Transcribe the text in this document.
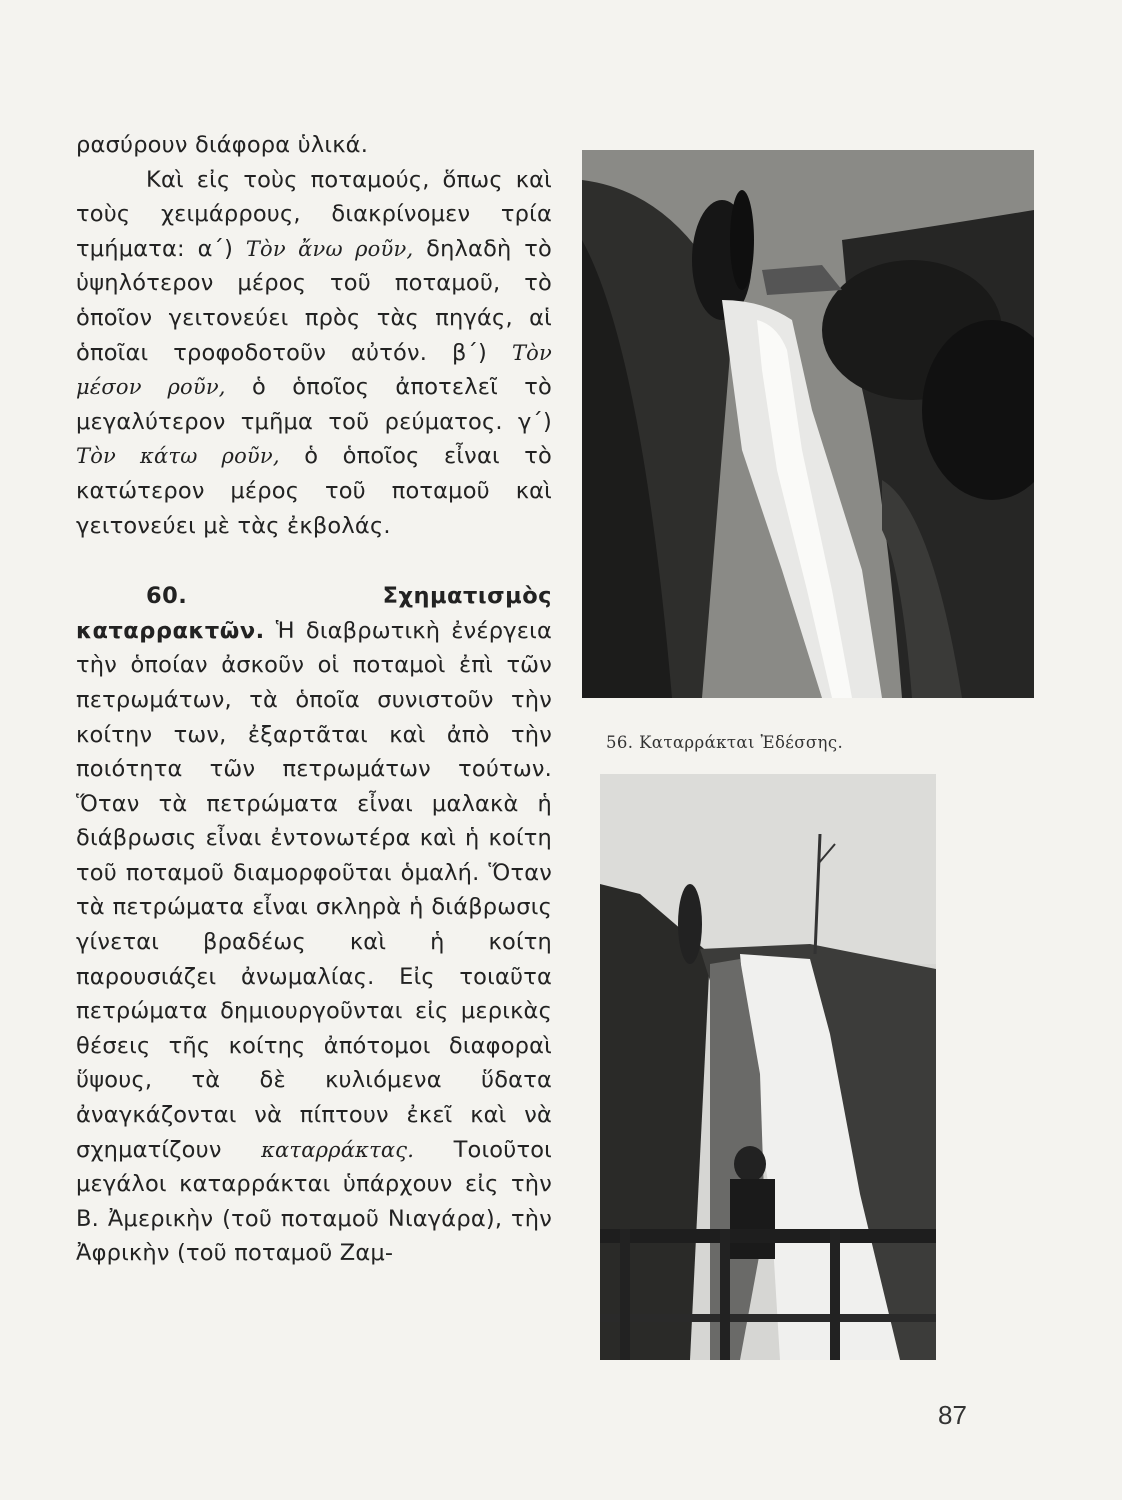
ρασύρουν διάφορα ὑλικά.

Καὶ εἰς τοὺς ποταμούς, ὅπως καὶ τοὺς χειμάρρους, διακρίνομεν τρία τμήματα: α΄) Τὸν ἄνω ροῦν, δηλαδὴ τὸ ὑψηλότερον μέρος τοῦ ποταμοῦ, τὸ ὁποῖον γειτονεύει πρὸς τὰς πηγάς, αἱ ὁποῖαι τροφοδοτοῦν αὐτόν. β΄) Τὸν μέσον ροῦν, ὁ ὁποῖος ἀποτελεῖ τὸ μεγαλύτερον τμῆμα τοῦ ρεύματος. γ΄) Τὸν κάτω ροῦν, ὁ ὁποῖος εἶναι τὸ κατώτερον μέρος τοῦ ποταμοῦ καὶ γειτονεύει μὲ τὰς ἐκβολάς.

60.	Σχηματισμὸς καταρρακτῶν. Ἡ διαβρωτικὴ ἐνέργεια τὴν ὁποίαν ἀσκοῦν οἱ ποταμοὶ ἐπὶ τῶν πετρωμάτων, τὰ ὁποῖα συνιστοῦν τὴν κοίτην των, ἐξαρτᾶται καὶ ἀπὸ τὴν ποιότητα τῶν πετρωμάτων τούτων. Ὅταν τὰ πετρώματα εἶναι μαλακὰ ἡ διάβρωσις εἶναι ἐντονωτέρα καὶ ἡ κοίτη τοῦ ποταμοῦ διαμορφοῦται ὁμαλή. Ὅταν τὰ πετρώματα εἶναι σκληρὰ ἡ διάβρωσις γίνεται βραδέως καὶ ἡ κοίτη παρουσιάζει ἀνωμαλίας. Εἰς τοιαῦτα πετρώματα δημιουργοῦνται εἰς μερικὰς θέσεις τῆς κοίτης ἀπότομοι διαφοραὶ ὕψους, τὰ δὲ κυλιόμενα ὕδατα ἀναγκάζονται νὰ πίπτουν ἐκεῖ καὶ νὰ σχηματίζουν καταρράκτας. Τοιοῦτοι μεγάλοι καταρράκται ὑπάρχουν εἰς τὴν Β. Ἀμερικὴν (τοῦ ποταμοῦ Νιαγάρα), τὴν Ἀφρικὴν (τοῦ ποταμοῦ Ζαμ-

56. Καταρράκται Ἐδέσσης.
87
